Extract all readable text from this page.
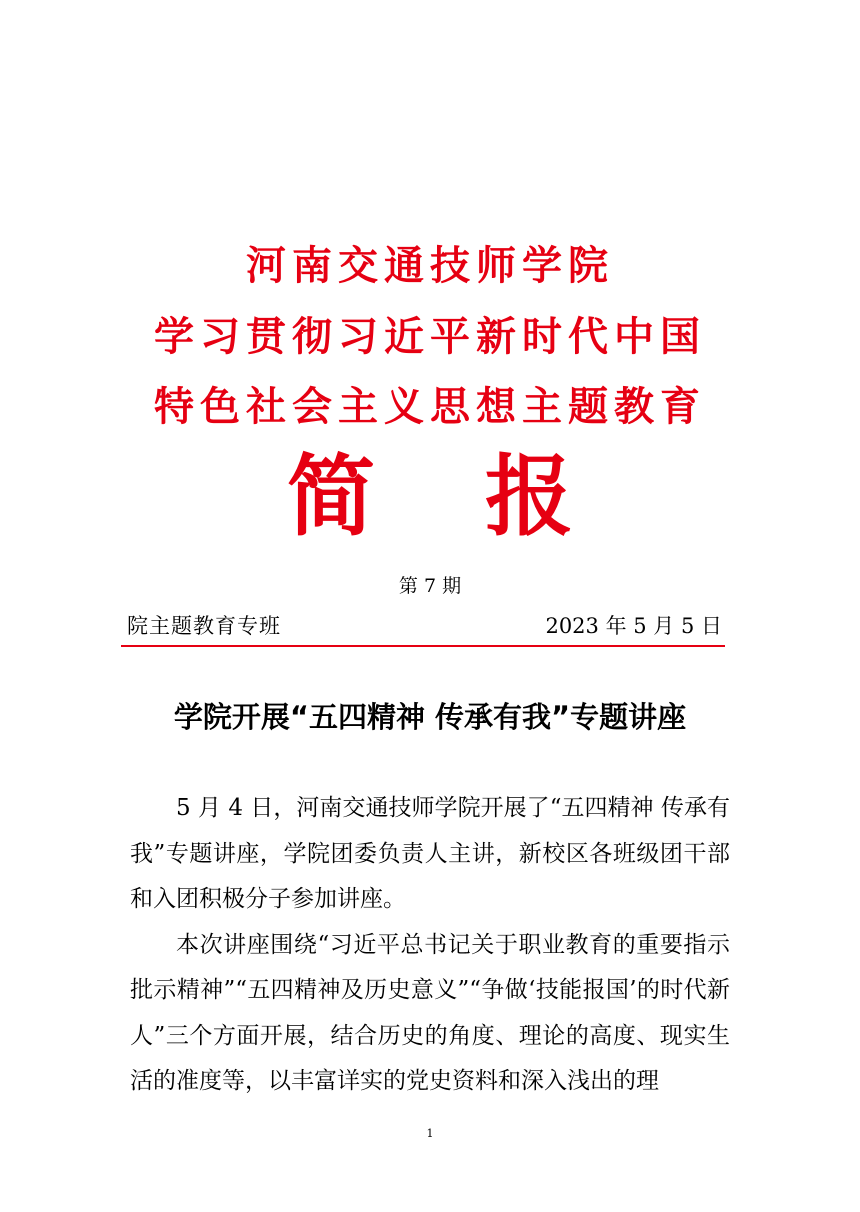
河南交通技师学院
学习贯彻习近平新时代中国
特色社会主义思想主题教育
简 报
第 7 期
院主题教育专班	2023 年 5 月 5 日
学院开展“五四精神 传承有我”专题讲座

5 月 4 日，河南交通技师学院开展了“五四精神 传承有我”专题讲座，学院团委负责人主讲，新校区各班级团干部和入团积极分子参加讲座。

本次讲座围绕“习近平总书记关于职业教育的重要指示批示精神”“五四精神及历史意义”“争做‘技能报国’的时代新人”三个方面开展，结合历史的角度、理论的高度、现实生活的准度等，以丰富详实的党史资料和深入浅出的理

1
